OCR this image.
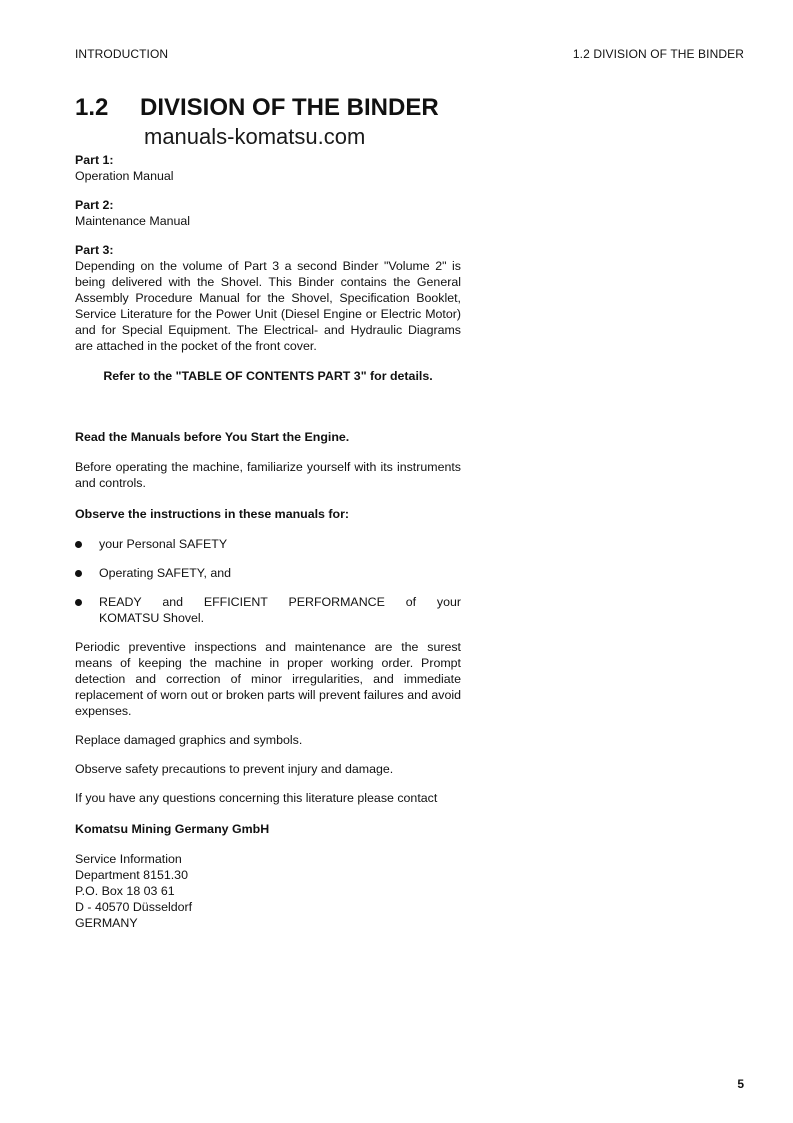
INTRODUCTION	1.2 DIVISION OF THE BINDER
1.2 DIVISION OF THE BINDER
manuals-komatsu.com

Part 1:

Operation Manual

Part 2:

Maintenance Manual

Part 3:

Depending on the volume of Part 3 a second Binder "Volume 2" is being delivered with the Shovel. This Binder contains the General Assembly Procedure Manual for the Shovel, Specification Booklet, Service Literature for the Power Unit (Diesel Engine or Electric Motor) and for Special Equipment. The Electrical- and Hydraulic Diagrams are attached in the pocket of the front cover.

Refer to the "TABLE OF CONTENTS PART 3" for details.

Read the Manuals before You Start the Engine.

Before operating the machine, familiarize yourself with its instruments and controls.

Observe the instructions in these manuals for:

your Personal SAFETY
Operating SAFETY, and
READY and EFFICIENT PERFORMANCE of your
KOMATSU Shovel.

Periodic preventive inspections and maintenance are the surest means of keeping the machine in proper working order. Prompt detection and correction of minor irregularities, and immediate replacement of worn out or broken parts will prevent failures and avoid expenses.

Replace damaged graphics and symbols.

Observe safety precautions to prevent injury and damage.

If you have any questions concerning this literature please contact

Komatsu Mining Germany GmbH

Service Information

Department 8151.30

P.O. Box 18 03 61

D - 40570 Düsseldorf

GERMANY

5
